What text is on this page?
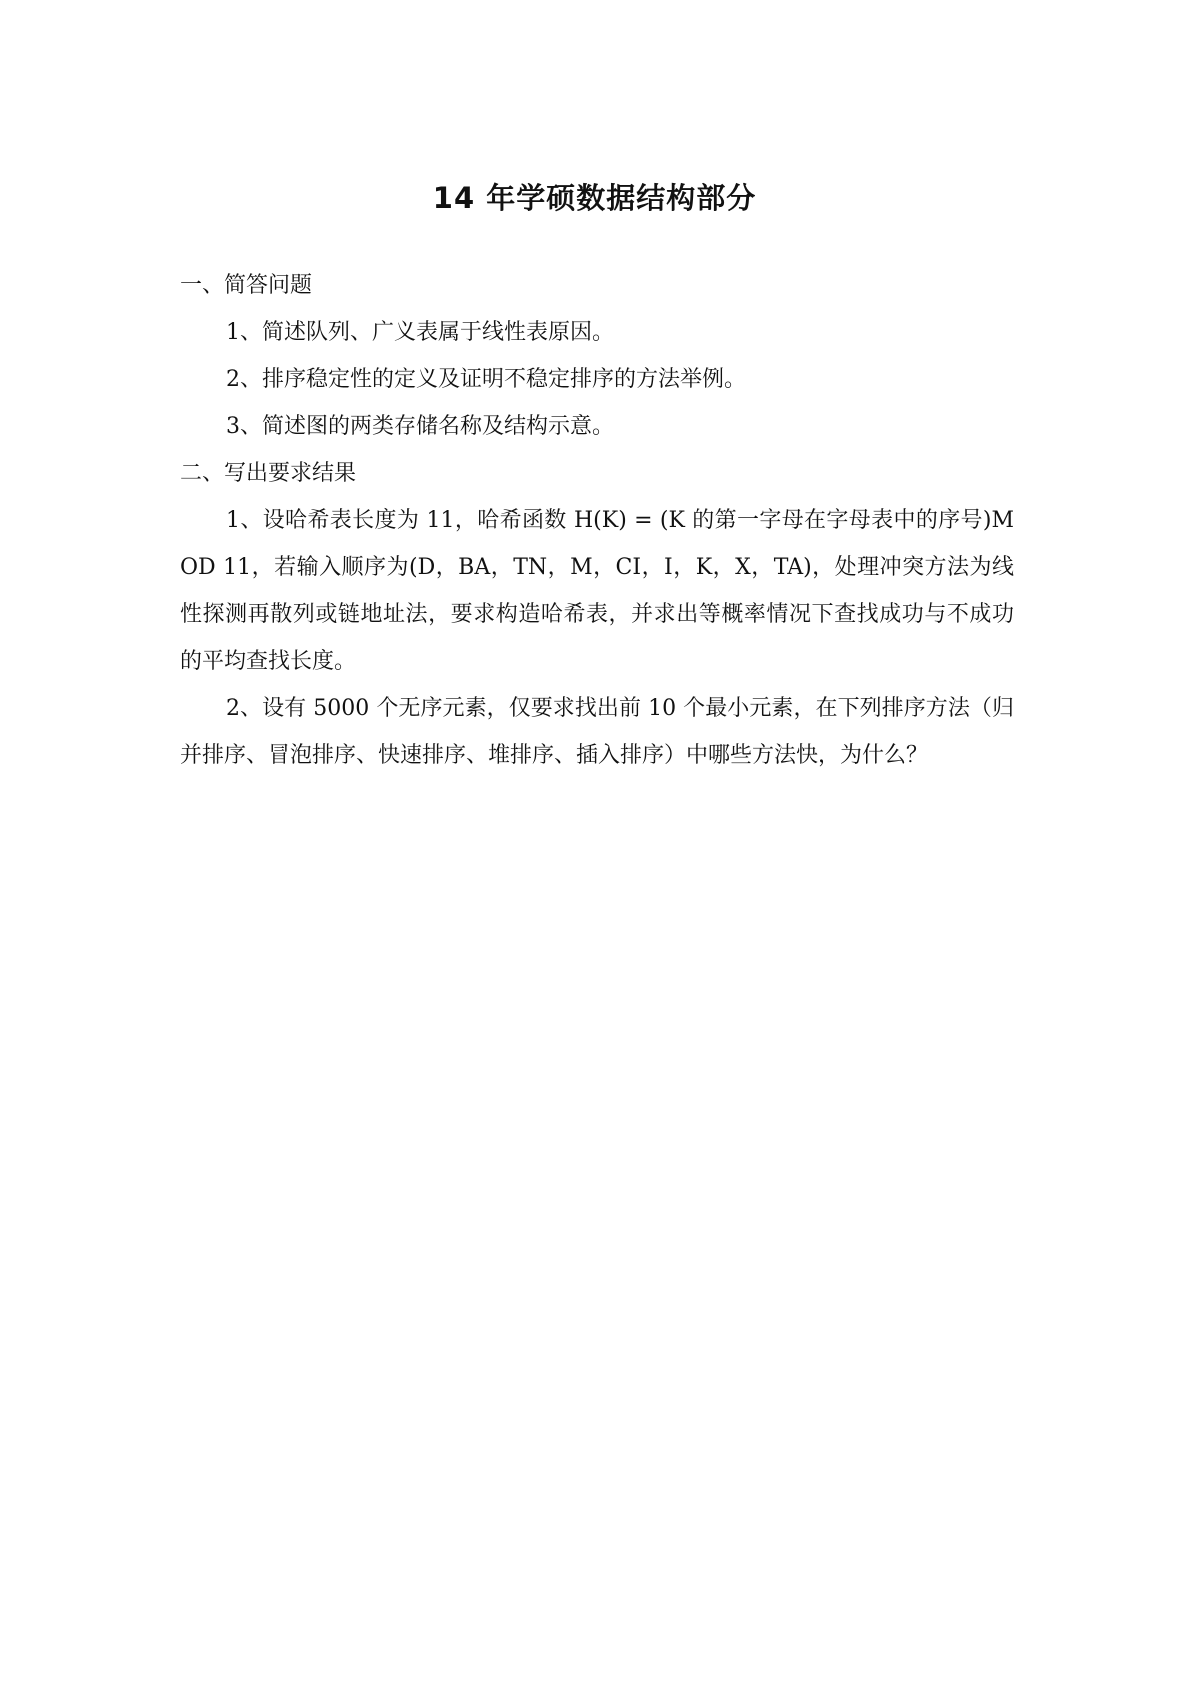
14 年学硕数据结构部分

一、简答问题

1、简述队列、广义表属于线性表原因。

2、排序稳定性的定义及证明不稳定排序的方法举例。

3、简述图的两类存储名称及结构示意。

二、写出要求结果

1、设哈希表长度为 11，哈希函数 H(K) = (K 的第一字母在字母表中的序号)MOD 11，若输入顺序为(D，BA，TN，M，CI，I，K，X，TA)，处理冲突方法为线性探测再散列或链地址法，要求构造哈希表，并求出等概率情况下查找成功与不成功的平均查找长度。

2、设有 5000 个无序元素，仅要求找出前 10 个最小元素，在下列排序方法（归并排序、冒泡排序、快速排序、堆排序、插入排序）中哪些方法快，为什么？
